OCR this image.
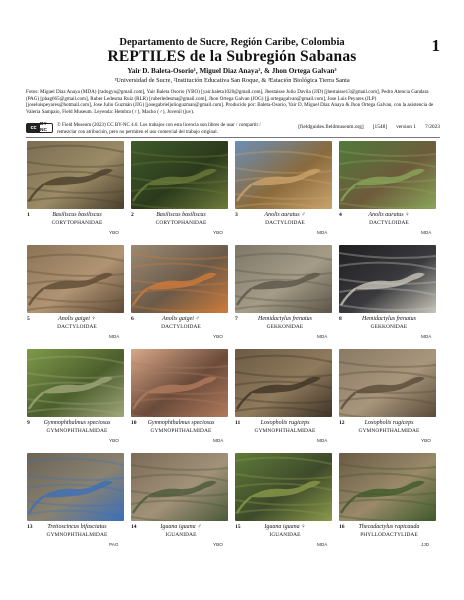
1
Departamento de Sucre, Región Caribe, Colombia
REPTILES de la Subregión Sabanas
Yair D. Baleta-Osorio¹, Miguel Diaz Anaya², & Jhon Ortega Galvan³
¹Universidad de Sucre, ²Institución Educativa San Roque, & ³Estación Biológica Tierra Santa
Fotos: Miguel Diaz Anaya (MDA) [radogyo@gmail.com], Yair Baleta Osorio (YBO) [yair.baleta1026@gmail.com], Jhestaisse Julio Davila (JJD) [jhestaisse13@gmail.com], Pedro Atencia Gandara (PAG) [pbag665@gmail.com], Ruber Ledesma Ruiz (RLR) [ruberledesma@gmail.com], Jhon Ortega Galvan (JOG) [jj.ortegagalvan@gmail.com], Jose Luis Peyares (JLP) [joseluispeyares@hotmail.com], Jose Julio Guzmán (JJG) [josegabrieljulioguzman@gmail.com]. Producido por: Baleta-Osorio, Yair D, Miguel Diaz Anaya & Jhon Ortega Galvan, con la asistencia de Valeria Sampaio, Field Museum. Leyenda: Hembra (♀), Macho (♂), Juvenil (juv).
cc
BY NC
© Field Museum (2023) CC BY-NC 4.0. Los trabajos con esta licencia son libres de usar / compartir / remezclar con atribución, pero no permiten el uso comercial del trabajo original.
[fieldguides.fieldmuseum.org] [1548] version 1 7/2023
1	Basiliscus basiliscus
CORYTOPHANIDAE
YBO
2	Basiliscus basiliscus
CORYTOPHANIDAE
YBO
3	Anolis auratus ♂
DACTYLOIDAE
MDA
4	Anolis auratus ♀
DACTYLOIDAE
MDA
5	Anolis gaigei ♀
DACTYLOIDAE
MDA
6	Anolis gaigei ♂
DACTYLOIDAE
YBO
7	Hemidactylus frenatus
GEKKONIDAE
MDA
8	Hemidactylus frenatus
GEKKONIDAE
MDA
9	Gymnophthalmus speciosus
GYMNOPHTHALMIDAE
YBO
10	Gymnophthalmus speciosus
GYMNOPHTHALMIDAE
MDA
11	Loxopholis rugiceps
GYMNOPHTHALMIDAE
MDA
12	Loxopholis rugiceps
GYMNOPHTHALMIDAE
YBO
13	Tretioscincus bifasciatus
GYMNOPHTHALMIDAE
PAG
14	Iguana iguana ♂
IGUANIDAE
YBO
15	Iguana iguana ♀
IGUANIDAE
MDA
16	Thecadactylus rapicauda
PHYLLODACTYLIDAE
JJD
